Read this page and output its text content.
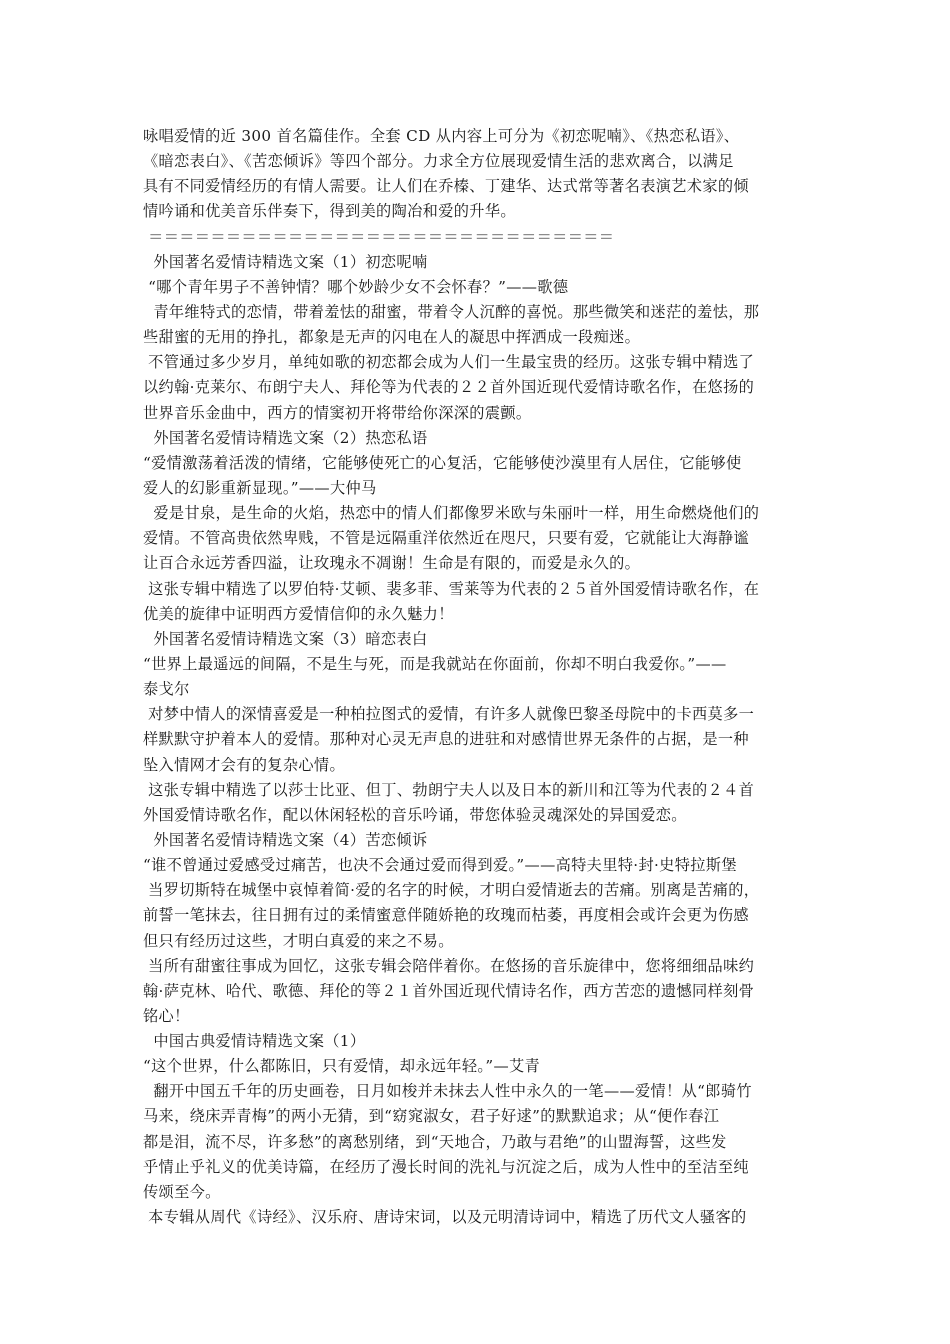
咏唱爱情的近 300 首名篇佳作。全套 CD 从内容上可分为《初恋呢喃》、《热恋私语》、
《暗恋表白》、《苦恋倾诉》等四个部分。力求全方位展现爱情生活的悲欢离合，以满足
具有不同爱情经历的有情人需要。让人们在乔榛、丁建华、达式常等著名表演艺术家的倾
情吟诵和优美音乐伴奏下，得到美的陶冶和爱的升华。
＝＝＝＝＝＝＝＝＝＝＝＝＝＝＝＝＝＝＝＝＝＝＝＝＝＝＝＝＝＝
外国著名爱情诗精选文案（1）初恋呢喃
“哪个青年男子不善钟情？哪个妙龄少女不会怀春？”——歌德
青年维特式的恋情，带着羞怯的甜蜜，带着令人沉醉的喜悦。那些微笑和迷茫的羞怯，那
些甜蜜的无用的挣扎，都象是无声的闪电在人的凝思中挥洒成一段痴迷。
不管通过多少岁月，单纯如歌的初恋都会成为人们一生最宝贵的经历。这张专辑中精选了
以约翰·克莱尔、布朗宁夫人、拜伦等为代表的２２首外国近现代爱情诗歌名作，在悠扬的
世界音乐金曲中，西方的情窦初开将带给你深深的震颤。
外国著名爱情诗精选文案（2）热恋私语
“爱情激荡着活泼的情绪，它能够使死亡的心复活，它能够使沙漠里有人居住，它能够使
爱人的幻影重新显现。”——大仲马
爱是甘泉，是生命的火焰，热恋中的情人们都像罗米欧与朱丽叶一样，用生命燃烧他们的
爱情。不管高贵依然卑贱，不管是远隔重洋依然近在咫尺，只要有爱，它就能让大海静谧
让百合永远芳香四溢，让玫瑰永不凋谢！生命是有限的，而爱是永久的。
这张专辑中精选了以罗伯特·艾顿、裴多菲、雪莱等为代表的２５首外国爱情诗歌名作，在
优美的旋律中证明西方爱情信仰的永久魅力！
外国著名爱情诗精选文案（3）暗恋表白
“世界上最遥远的间隔，不是生与死，而是我就站在你面前，你却不明白我爱你。”——
泰戈尔
对梦中情人的深情喜爱是一种柏拉图式的爱情，有许多人就像巴黎圣母院中的卡西莫多一
样默默守护着本人的爱情。那种对心灵无声息的进驻和对感情世界无条件的占据，是一种
坠入情网才会有的复杂心情。
这张专辑中精选了以莎士比亚、但丁、勃朗宁夫人以及日本的新川和江等为代表的２４首
外国爱情诗歌名作，配以休闲轻松的音乐吟诵，带您体验灵魂深处的异国爱恋。
外国著名爱情诗精选文案（4）苦恋倾诉
“谁不曾通过爱感受过痛苦，也决不会通过爱而得到爱。”——高特夫里特·封·史特拉斯堡
当罗切斯特在城堡中哀悼着简·爱的名字的时候，才明白爱情逝去的苦痛。别离是苦痛的，
前誓一笔抹去，往日拥有过的柔情蜜意伴随娇艳的玫瑰而枯萎，再度相会或许会更为伤感
但只有经历过这些，才明白真爱的来之不易。
当所有甜蜜往事成为回忆，这张专辑会陪伴着你。在悠扬的音乐旋律中，您将细细品味约
翰·萨克林、哈代、歌德、拜伦的等２１首外国近现代情诗名作，西方苦恋的遗憾同样刻骨
铭心！
中国古典爱情诗精选文案（1）
“这个世界，什么都陈旧，只有爱情，却永远年轻。”—艾青
翻开中国五千年的历史画卷，日月如梭并未抹去人性中永久的一笔——爱情！从“郎骑竹
马来，绕床弄青梅”的两小无猜，到“窈窕淑女，君子好逑”的默默追求；从“便作春江
都是泪，流不尽，许多愁”的离愁别绪，到“天地合，乃敢与君绝”的山盟海誓，这些发
乎情止乎礼义的优美诗篇，在经历了漫长时间的洗礼与沉淀之后，成为人性中的至洁至纯
传颂至今。
本专辑从周代《诗经》、汉乐府、唐诗宋词，以及元明清诗词中，精选了历代文人骚客的
